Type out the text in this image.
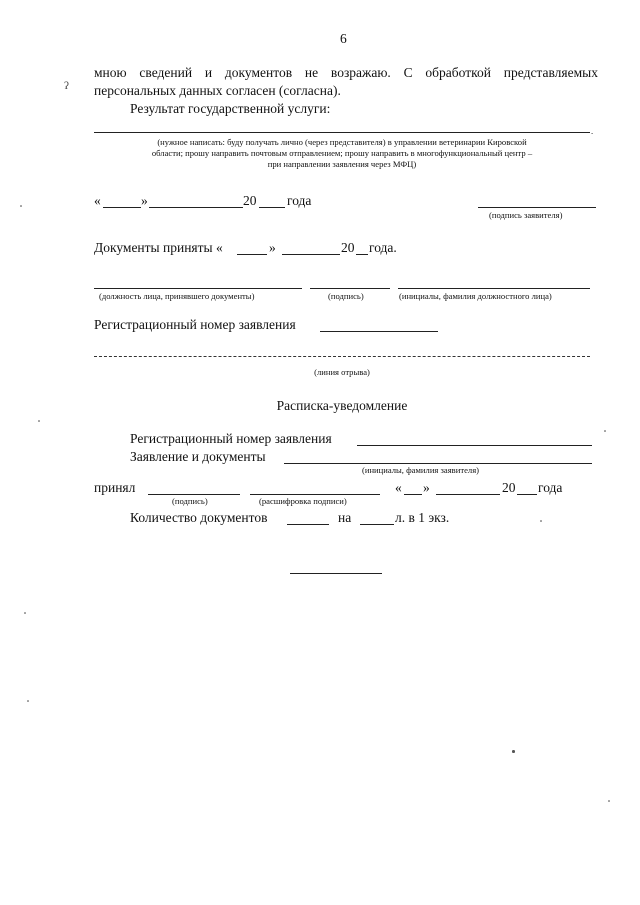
6
ʔ
мною сведений и документов не возражаю. С обработкой представляемых
персональных данных согласен (согласна).
Результат государственной услуги:
.
(нужное написать: буду получать лично (через представителя) в управлении ветеринарии Кировской
области; прошу направить почтовым отправлением; прошу направить в многофункциональный центр –
при направлении заявления через МФЦ)
«	»	20 года
(подпись заявителя)
Документы приняты «	»	20 года.
(должность лица, принявшего документы)	(подпись)	(инициалы, фамилия должностного лица)
Регистрационный номер заявления
(линия отрыва)
Расписка-уведомление
Регистрационный номер заявления
Заявление и документы
(инициалы, фамилия заявителя)
принял	« »	20 года
(подпись)	(расшифровка подписи)
Количество документов	на	л. в 1 экз.
